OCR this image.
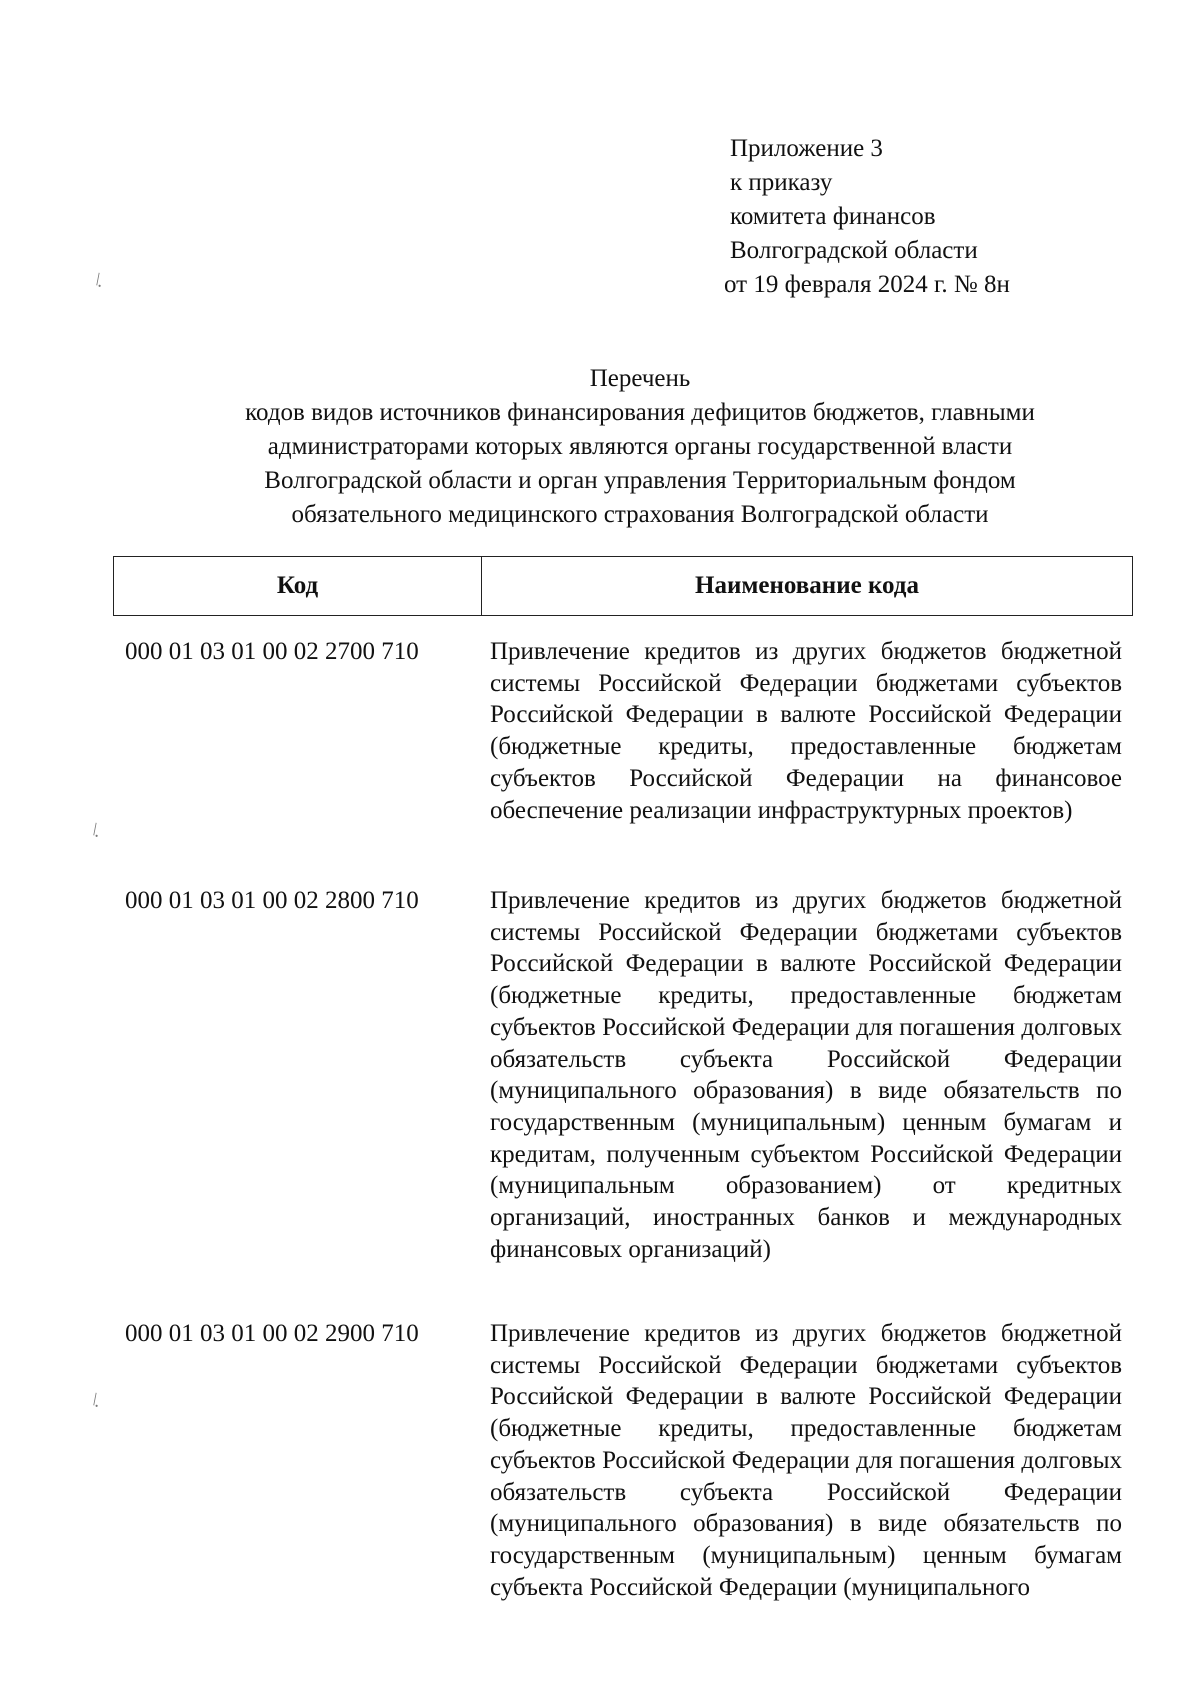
Приложение 3
к приказу
комитета финансов
Волгоградской области
от 19 февраля 2024 г. № 8н
Перечень
кодов видов источников финансирования дефицитов бюджетов, главными
администраторами которых являются органы государственной власти
Волгоградской области и орган управления Территориальным фондом
обязательного медицинского страхования Волгоградской области
Код	Наименование кода
000 01 03 01 00 02 2700 710	Привлечение кредитов из других бюджетов бюджетной системы Российской Федерации бюджетами субъектов Российской Федерации в валюте Российской Федерации (бюджетные кредиты, предоставленные бюджетам субъектов Российской Федерации на финансовое обеспечение реализации инфраструктурных проектов)
000 01 03 01 00 02 2800 710	Привлечение кредитов из других бюджетов бюджетной системы Российской Федерации бюджетами субъектов Российской Федерации в валюте Российской Федерации (бюджетные кредиты, предоставленные бюджетам субъектов Российской Федерации для погашения долговых обязательств субъекта Российской Федерации (муниципального образования) в виде обязательств по государственным (муниципальным) ценным бумагам и кредитам, полученным субъектом Российской Федерации (муниципальным образованием) от кредитных организаций, иностранных банков и международных финансовых организаций)
000 01 03 01 00 02 2900 710	Привлечение кредитов из других бюджетов бюджетной системы Российской Федерации бюджетами субъектов Российской Федерации в валюте Российской Федерации (бюджетные кредиты, предоставленные бюджетам субъектов Российской Федерации для погашения долговых обязательств субъекта Российской Федерации (муниципального образования) в виде обязательств по государственным (муниципальным) ценным бумагам субъекта Российской Федерации (муниципального
\.
\.
\.
